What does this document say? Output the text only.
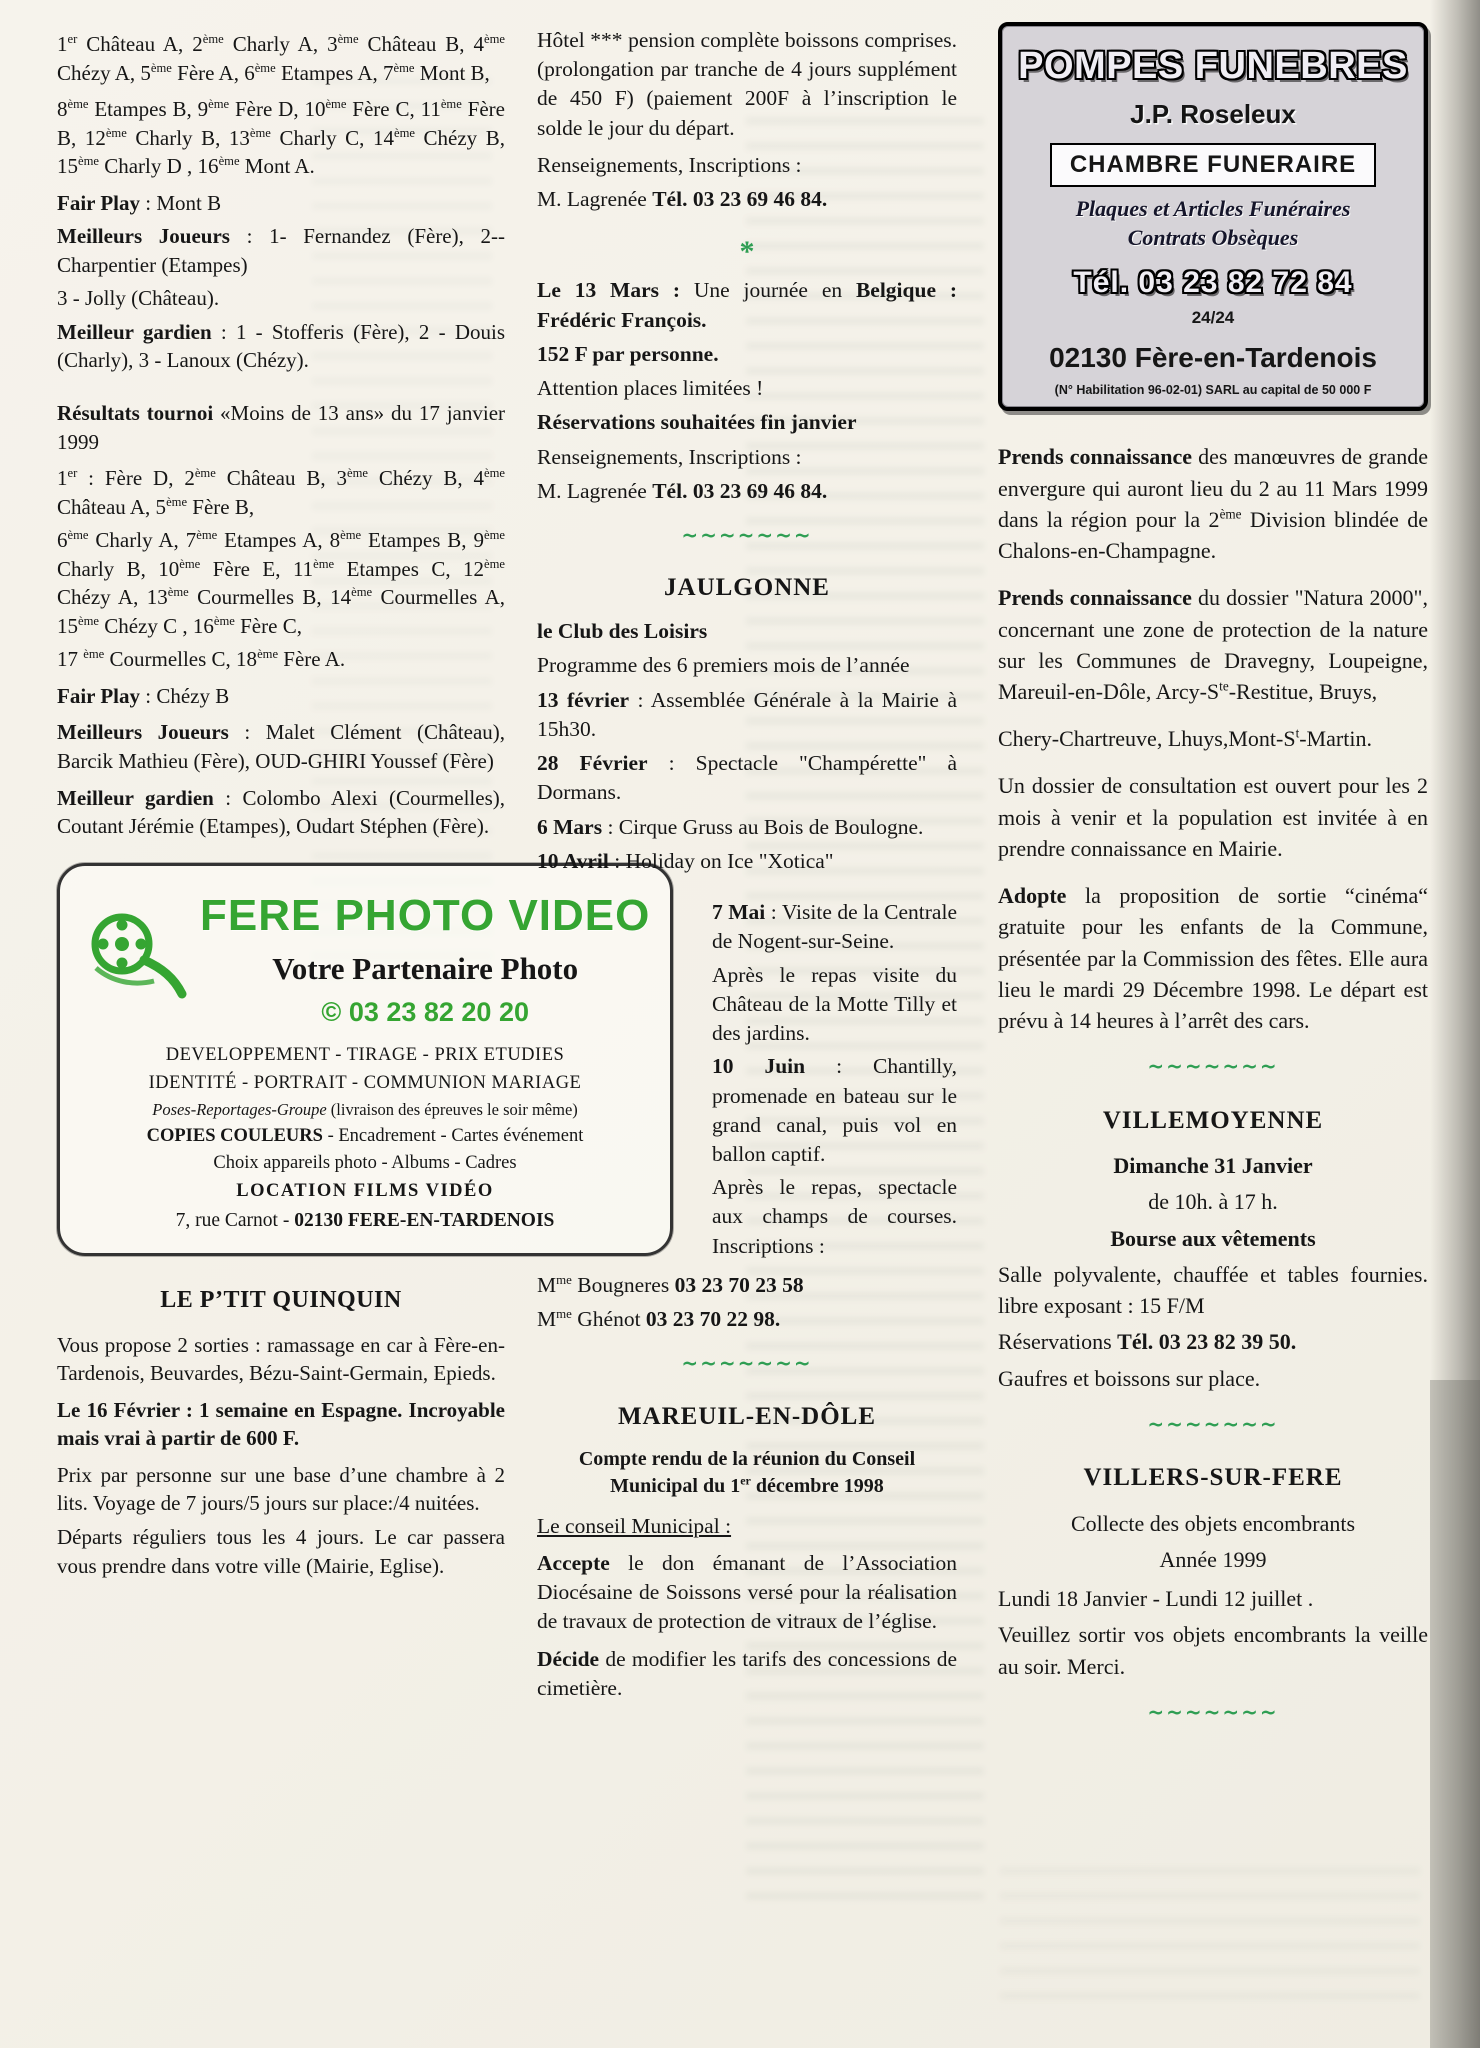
1er Château A, 2ème Charly A, 3ème Château B, 4ème Chézy A, 5ème Fère A, 6ème Etampes A, 7ème Mont B,

8ème Etampes B, 9ème Fère D, 10ème Fère C, 11ème Fère B, 12ème Charly B, 13ème Charly C, 14ème Chézy B, 15ème Charly D , 16ème Mont A.

Fair Play : Mont B

Meilleurs Joueurs : 1- Fernandez (Fère), 2-- Charpentier (Etampes)

3 - Jolly (Château).

Meilleur gardien : 1 - Stofferis (Fère), 2 - Douis (Charly), 3 - Lanoux (Chézy).

Résultats tournoi «Moins de 13 ans» du 17 janvier 1999

1er : Fère D, 2ème Château B, 3ème Chézy B, 4ème Château A, 5ème Fère B,

6ème Charly A, 7ème Etampes A, 8ème Etampes B, 9ème Charly B, 10ème Fère E, 11ème Etampes C, 12ème Chézy A, 13ème Courmelles B, 14ème Courmelles A, 15ème Chézy C , 16ème Fère C,

17 $^{ème}$ Courmelles C, 18ème Fère A.

Fair Play : Chézy B

Meilleurs Joueurs : Malet Clément (Château), Barcik Mathieu (Fère), OUD-GHIRI Youssef (Fère)

Meilleur gardien : Colombo Alexi (Courmelles), Coutant Jérémie (Etampes), Oudart Stéphen (Fère).

FERE PHOTO VIDEO
Votre Partenaire Photo
© 03 23 82 20 20
DEVELOPPEMENT - TIRAGE - PRIX ETUDIES
IDENTITÉ - PORTRAIT - COMMUNION MARIAGE
Poses-Reportages-Groupe (livraison des épreuves le soir même)
COPIES COULEURS - Encadrement - Cartes événement
Choix appareils photo - Albums - Cadres
LOCATION FILMS VIDÉO
7, rue Carnot - 02130 FERE-EN-TARDENOIS
LE P’TIT QUINQUIN

Vous propose 2 sorties : ramassage en car à Fère-en-Tardenois, Beuvardes, Bézu-Saint-Germain, Epieds.

Le 16 Février : 1 semaine en Espagne. Incroyable mais vrai à partir de 600 F.

Prix par personne sur une base d’une chambre à 2 lits. Voyage de 7 jours/5 jours sur place:/4 nuitées.

Départs réguliers tous les 4 jours. Le car passera vous prendre dans votre ville (Mairie, Eglise).

Hôtel *** pension complète boissons comprises. (prolongation par tranche de 4 jours supplément de 450 F) (paiement 200F à l’inscription le solde le jour du départ.

Renseignements, Inscriptions :

M. Lagrenée Tél. 03 23 69 46 84.

*

Le 13 Mars : Une journée en Belgique : Frédéric François.

152 F par personne.

Attention places limitées !

Réservations souhaitées fin janvier

Renseignements, Inscriptions :

M. Lagrenée Tél. 03 23 69 46 84.

~~~~~~~
JAULGONNE

le Club des Loisirs

Programme des 6 premiers mois de l’année

13 février : Assemblée Générale à la Mairie à 15h30.

28 Février : Spectacle "Champérette" à Dormans.

6 Mars : Cirque Gruss au Bois de Boulogne.

10 Avril : Holiday on Ice "Xotica"

7 Mai : Visite de la Centrale de Nogent-sur-Seine.

Après le repas visite du Château de la Motte Tilly et des jardins.

10 Juin : Chantilly, promenade en bateau sur le grand canal, puis vol en ballon captif.

Après le repas, spectacle aux champs de courses. Inscriptions :

$M^{me}$ Bougneres 03 23 70 23 58

$M^{me}$ Ghénot 03 23 70 22 98.

~~~~~~~
MAREUIL-EN-DÔLE

Compte rendu de la réunion du Conseil Municipal du 1er décembre 1998

Le conseil Municipal :

Accepte le don émanant de l’Association Diocésaine de Soissons versé pour la réalisation de travaux de protection de vitraux de l’église.

Décide de modifier les tarifs des concessions de cimetière.

POMPES FUNEBRES
J.P. Roseleux
CHAMBRE FUNERAIRE
Plaques et Articles Funéraires
Contrats Obsèques
Tél. 03 23 82 72 84
24/24
02130 Fère-en-Tardenois
(N° Habilitation 96-02-01) SARL au capital de 50 000 F

Prends connaissance des manœuvres de grande envergure qui auront lieu du 2 au 11 Mars 1999 dans la région pour la 2ème Division blindée de Chalons-en-Champagne.

Prends connaissance du dossier "Natura 2000", concernant une zone de protection de la nature sur les Communes de Dravegny, Loupeigne, Mareuil-en-Dôle, Arcy-$S^{te}$-Restitue, Bruys,

Chery-Chartreuve, $Lhuys,Mont-S^t$-Martin.

Un dossier de consultation est ouvert pour les 2 mois à venir et la population est invitée à en prendre connaissance en Mairie.

Adopte la proposition de sortie “cinéma“ gratuite pour les enfants de la Commune, présentée par la Commission des fêtes. Elle aura lieu le mardi 29 Décembre 1998. Le départ est prévu à 14 heures à l’arrêt des cars.

~~~~~~~
VILLEMOYENNE

Dimanche 31 Janvier

de 10h. à 17 h.

Bourse aux vêtements

Salle polyvalente, chauffée et tables fournies. libre exposant : 15 F/M

Réservations Tél. 03 23 82 39 50.

Gaufres et boissons sur place.

~~~~~~~
VILLERS-SUR-FERE

Collecte des objets encombrants

Année 1999

Lundi 18 Janvier - Lundi 12 juillet .

Veuillez sortir vos objets encombrants la veille au soir. Merci.

~~~~~~~
